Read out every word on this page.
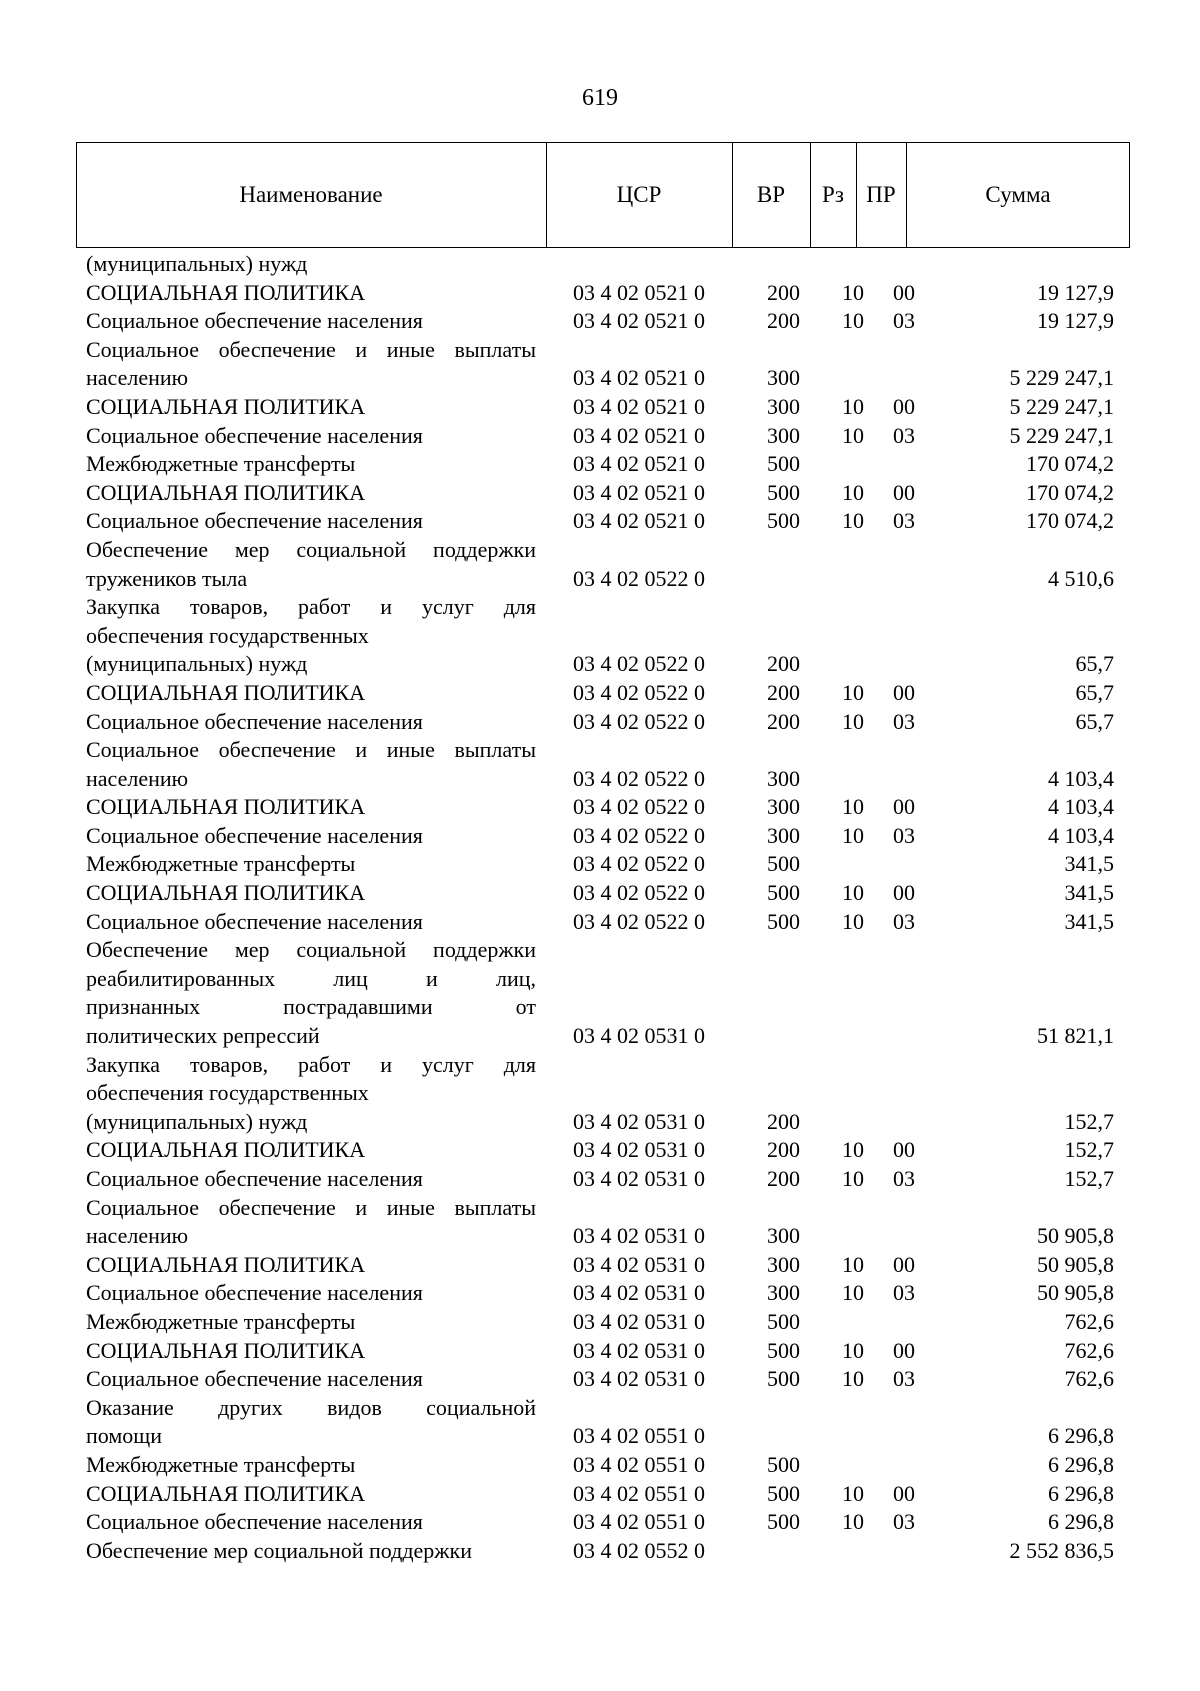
619
Наименование	ЦСР	ВР	Рз ПР	Сумма
(муниципальных) нужд
СОЦИАЛЬНАЯ ПОЛИТИКА	03 4 02 0521 0	200 10 00	19 127,9
Социальное обеспечение населения	03 4 02 0521 0	200 10 03	19 127,9
Социальное обеспечение и иные выплаты
населению	03 4 02 0521 0	300	5 229 247,1
СОЦИАЛЬНАЯ ПОЛИТИКА	03 4 02 0521 0	300 10 00	5 229 247,1
Социальное обеспечение населения	03 4 02 0521 0	300 10 03	5 229 247,1
Межбюджетные трансферты	03 4 02 0521 0	500	170 074,2
СОЦИАЛЬНАЯ ПОЛИТИКА	03 4 02 0521 0	500 10 00	170 074,2
Социальное обеспечение населения	03 4 02 0521 0	500 10 03	170 074,2
Обеспечение мер социальной поддержки
тружеников тыла	03 4 02 0522 0	4 510,6
Закупка товаров, работ и услуг для
обеспечения государственных
(муниципальных) нужд	03 4 02 0522 0	200	65,7
СОЦИАЛЬНАЯ ПОЛИТИКА	03 4 02 0522 0	200 10 00	65,7
Социальное обеспечение населения	03 4 02 0522 0	200 10 03	65,7
Социальное обеспечение и иные выплаты
населению	03 4 02 0522 0	300	4 103,4
СОЦИАЛЬНАЯ ПОЛИТИКА	03 4 02 0522 0	300 10 00	4 103,4
Социальное обеспечение населения	03 4 02 0522 0	300 10 03	4 103,4
Межбюджетные трансферты	03 4 02 0522 0	500	341,5
СОЦИАЛЬНАЯ ПОЛИТИКА	03 4 02 0522 0	500 10 00	341,5
Социальное обеспечение населения	03 4 02 0522 0	500 10 03	341,5
Обеспечение мер социальной поддержки
реабилитированных лиц и лиц,
признанных пострадавшими от
политических репрессий	03 4 02 0531 0	51 821,1
Закупка товаров, работ и услуг для
обеспечения государственных
(муниципальных) нужд	03 4 02 0531 0	200	152,7
СОЦИАЛЬНАЯ ПОЛИТИКА	03 4 02 0531 0	200 10 00	152,7
Социальное обеспечение населения	03 4 02 0531 0	200 10 03	152,7
Социальное обеспечение и иные выплаты
населению	03 4 02 0531 0	300	50 905,8
СОЦИАЛЬНАЯ ПОЛИТИКА	03 4 02 0531 0	300 10 00	50 905,8
Социальное обеспечение населения	03 4 02 0531 0	300 10 03	50 905,8
Межбюджетные трансферты	03 4 02 0531 0	500	762,6
СОЦИАЛЬНАЯ ПОЛИТИКА	03 4 02 0531 0	500 10 00	762,6
Социальное обеспечение населения	03 4 02 0531 0	500 10 03	762,6
Оказание других видов социальной
помощи	03 4 02 0551 0	6 296,8
Межбюджетные трансферты	03 4 02 0551 0	500	6 296,8
СОЦИАЛЬНАЯ ПОЛИТИКА	03 4 02 0551 0	500 10 00	6 296,8
Социальное обеспечение населения	03 4 02 0551 0	500 10 03	6 296,8
Обеспечение мер социальной поддержки	03 4 02 0552 0	2 552 836,5
